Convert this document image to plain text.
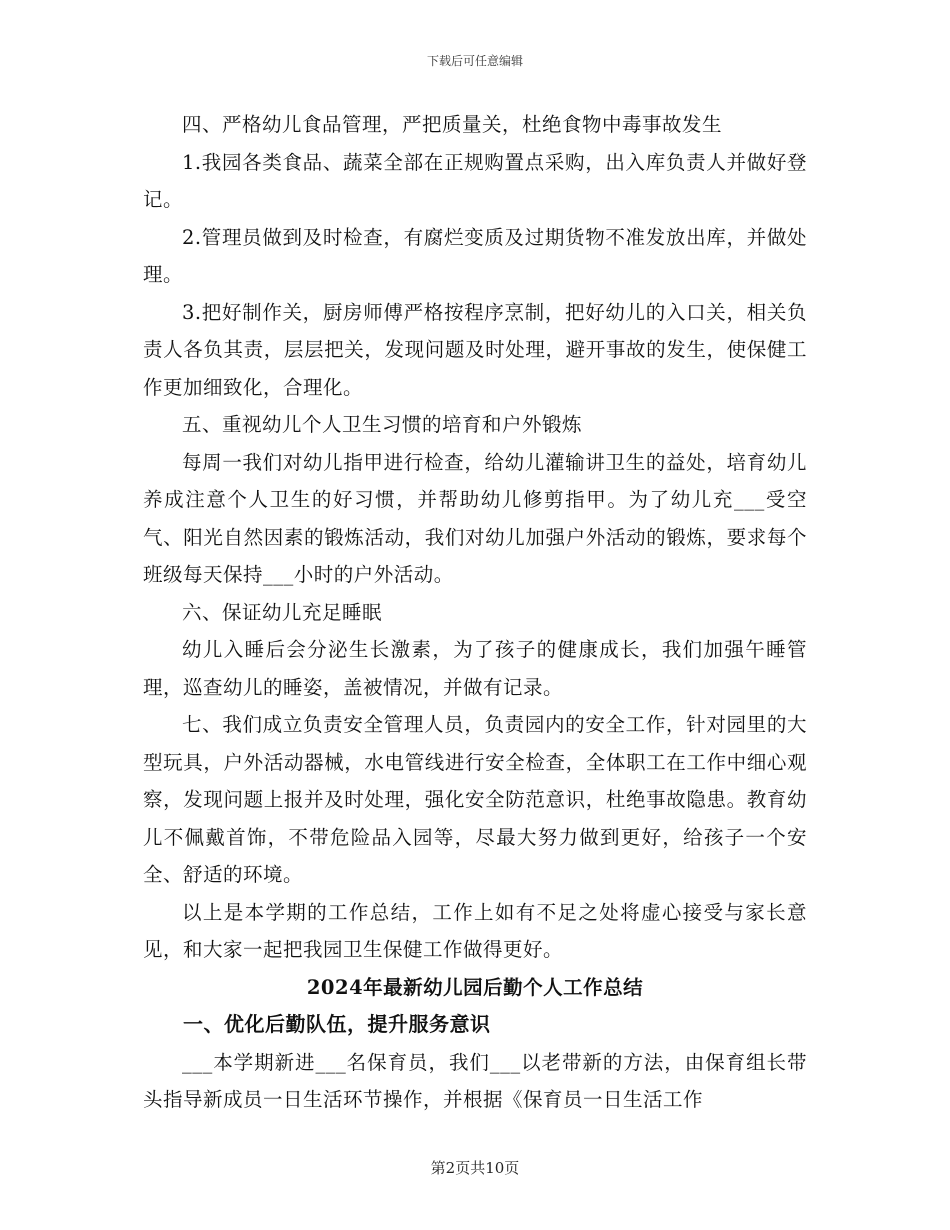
下载后可任意编辑

四、严格幼儿食品管理，严把质量关，杜绝食物中毒事故发生

1.我园各类食品、蔬菜全部在正规购置点采购，出入库负责人并做好登记。

2.管理员做到及时检查，有腐烂变质及过期货物不准发放出库，并做处理。

3.把好制作关，厨房师傅严格按程序烹制，把好幼儿的入口关，相关负责人各负其责，层层把关，发现问题及时处理，避开事故的发生，使保健工作更加细致化，合理化。

五、重视幼儿个人卫生习惯的培育和户外锻炼

每周一我们对幼儿指甲进行检查，给幼儿灌输讲卫生的益处，培育幼儿养成注意个人卫生的好习惯，并帮助幼儿修剪指甲。为了幼儿充___受空气、阳光自然因素的锻炼活动，我们对幼儿加强户外活动的锻炼，要求每个班级每天保持___小时的户外活动。

六、保证幼儿充足睡眠

幼儿入睡后会分泌生长激素，为了孩子的健康成长，我们加强午睡管理，巡查幼儿的睡姿，盖被情况，并做有记录。

七、我们成立负责安全管理人员，负责园内的安全工作，针对园里的大型玩具，户外活动器械，水电管线进行安全检查，全体职工在工作中细心观察，发现问题上报并及时处理，强化安全防范意识，杜绝事故隐患。教育幼儿不佩戴首饰，不带危险品入园等，尽最大努力做到更好，给孩子一个安全、舒适的环境。

以上是本学期的工作总结，工作上如有不足之处将虚心接受与家长意见，和大家一起把我园卫生保健工作做得更好。

2024年最新幼儿园后勤个人工作总结

一、优化后勤队伍，提升服务意识

___本学期新进___名保育员，我们___以老带新的方法，由保育组长带头指导新成员一日生活环节操作，并根据《保育员一日生活工作

第2页共10页
